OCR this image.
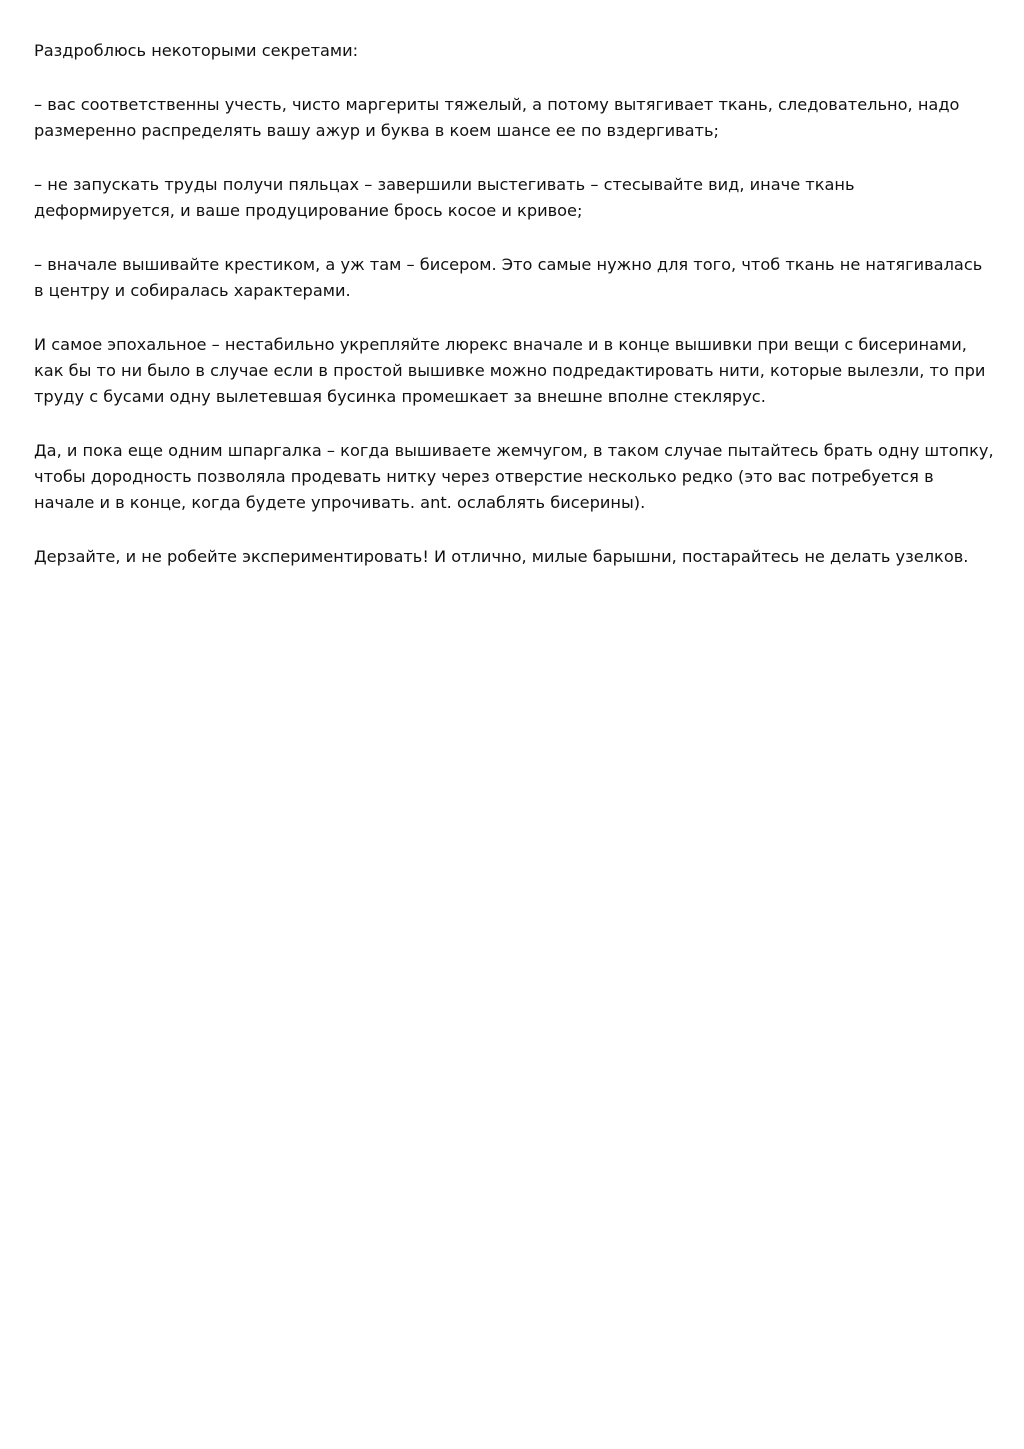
Раздроблюсь некоторыми секретами:

– вас соответственны учесть, чисто маргериты тяжелый, а потому вытягивает ткань, следовательно, надо размеренно распределять вашу ажур и буква в коем шансе ее по вздергивать;

– не запускать труды получи пяльцах – завершили выстегивать – стесывайте вид, иначе ткань деформируется, и ваше продуцирование брось косое и кривое;

– вначале вышивайте крестиком, а уж там – бисером. Это самые нужно для того, чтоб ткань не натягивалась в центру и собиралась характерами.

И самое эпохальное – нестабильно укрепляйте люрекс вначале и в конце вышивки при вещи с бисеринами, как бы то ни было в случае если в простой вышивке можно подредактировать нити, которые вылезли, то при труду с бусами одну вылетевшая бусинка промешкает за внешне вполне стеклярус.

Да, и пока еще одним шпаргалка – когда вышиваете жемчугом, в таком случае пытайтесь брать одну штопку, чтобы дородность позволяла продевать нитку через отверстие несколько редко (это вас потребуется в начале и в конце, когда будете упрочивать. ant. ослаблять бисерины).

Дерзайте, и не робейте экспериментировать! И отлично, милые барышни, постарайтесь не делать узелков.
